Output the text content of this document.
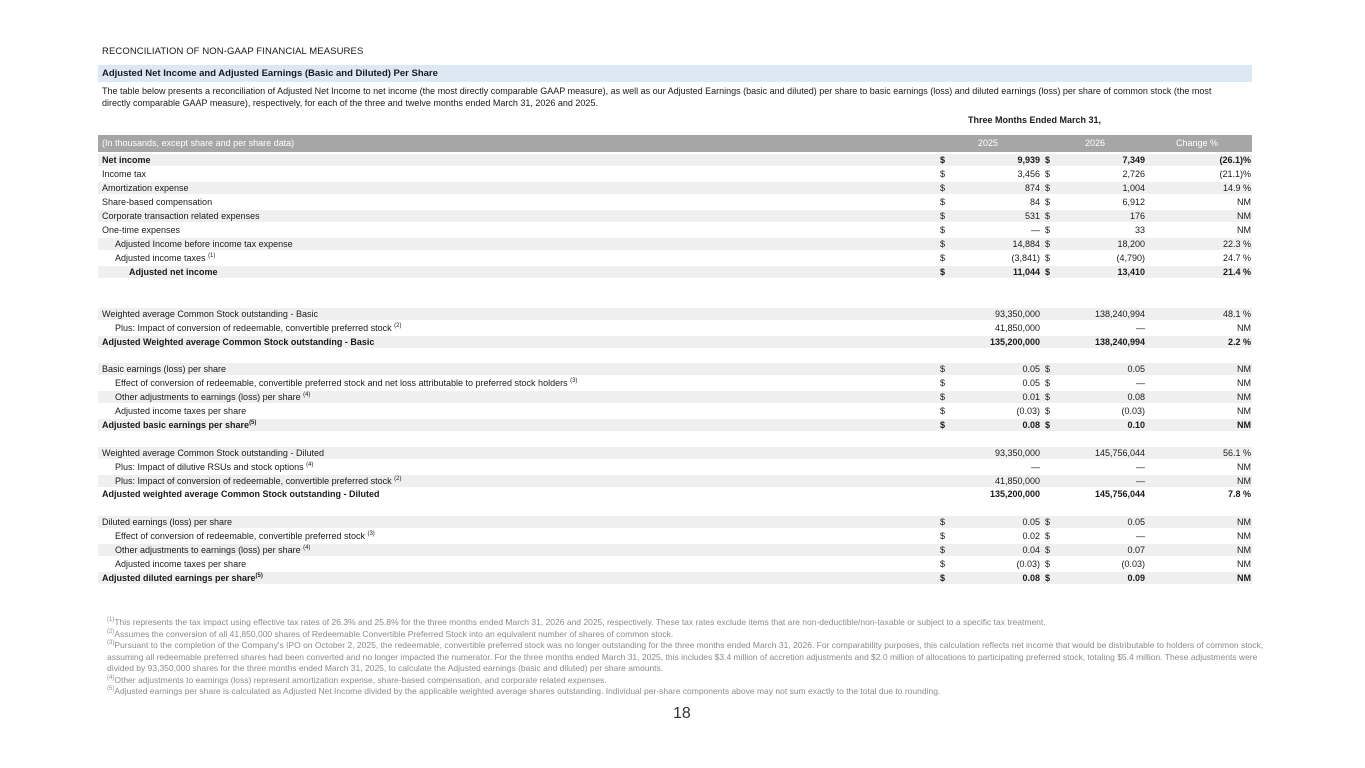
RECONCILIATION OF NON-GAAP FINANCIAL MEASURES
Adjusted Net Income and Adjusted Earnings (Basic and Diluted) Per Share
The table below presents a reconciliation of Adjusted Net Income to net income (the most directly comparable GAAP measure), as well as our Adjusted Earnings (basic and diluted) per share to basic earnings (loss) and diluted earnings (loss) per share of common stock (the most directly comparable GAAP measure), respectively, for each of the three and twelve months ended March 31, 2026 and 2025.
Three Months Ended March 31,
(In thousands, except share and per share data)	2025	2026	Change %
Net income	$	9,939 $	7,349	(26.1)%
Income tax	$	3,456 $	2,726	(21.1)%
Amortization expense	$	874 $	1,004	14.9 %
Share-based compensation	$	84 $	6,912	NM
Corporate transaction related expenses	$	531 $	176	NM
One-time expenses	$	— $	33	NM
Adjusted Income before income tax expense	$	14,884 $	18,200	22.3 %
Adjusted income taxes $^{(1)}$	$	(3,841) $	(4,790)	24.7 %
Adjusted net income	$	11,044 $	13,410	21.4 %
Weighted average Common Stock outstanding - Basic	93,350,000	138,240,994	48.1 %
Plus: Impact of conversion of redeemable, convertible preferred stock $^{(2)}$	41,850,000	—	NM
Adjusted Weighted average Common Stock outstanding - Basic	135,200,000	138,240,994	2.2 %
Basic earnings (loss) per share	$	0.05 $	0.05	NM
Effect of conversion of redeemable, convertible preferred stock and net loss attributable to preferred stock holders $^{(3)}$	$	0.05 $	—	NM
Other adjustments to earnings (loss) per share $^{(4)}$	$	0.01 $	0.08	NM
Adjusted income taxes per share	$	(0.03) $	(0.03)	NM
Adjusted basic earnings per share$^{(5)}$	$	0.08 $	0.10	NM
Weighted average Common Stock outstanding - Diluted	93,350,000	145,756,044	56.1 %
Plus: Impact of dilutive RSUs and stock options $^{(4)}$	—	—	NM
Plus: Impact of conversion of redeemable, convertible preferred stock $^{(2)}$	41,850,000	—	NM
Adjusted weighted average Common Stock outstanding - Diluted	135,200,000	145,756,044	7.8 %
Diluted earnings (loss) per share	$	0.05 $	0.05	NM
Effect of conversion of redeemable, convertible preferred stock $^{(3)}$	$	0.02 $	—	NM
Other adjustments to earnings (loss) per share $^{(4)}$	$	0.04 $	0.07	NM
Adjusted income taxes per share	$	(0.03) $	(0.03)	NM
Adjusted diluted earnings per share$^{(5)}$	$	0.08 $	0.09	NM

$^{(1)}$This represents the tax impact using effective tax rates of 26.3% and 25.8% for the three months ended March 31, 2026 and 2025, respectively. These tax rates exclude items that are non-deductible/non-taxable or subject to a specific tax treatment.

$^{(2)}$Assumes the conversion of all 41,850,000 shares of Redeemable Convertible Preferred Stock into an equivalent number of shares of common stock.

$^{(3)}$Pursuant to the completion of the Company's IPO on October 2, 2025, the redeemable, convertible preferred stock was no longer outstanding for the three months ended March 31, 2026. For comparability purposes, this calculation reflects net income that would be distributable to holders of common stock, assuming all redeemable preferred shares had been converted and no longer impacted the numerator. For the three months ended March 31, 2025, this includes $3.4 million of accretion adjustments and $2.0 million of allocations to participating preferred stock, totaling $5.4 million. These adjustments were divided by 93,350,000 shares for the three months ended March 31, 2025, to calculate the Adjusted earnings (basic and diluted) per share amounts.

$^{(4)}$Other adjustments to earnings (loss) represent amortization expense, share-based compensation, and corporate related expenses.

$^{(5)}$Adjusted earnings per share is calculated as Adjusted Net Income divided by the applicable weighted average shares outstanding. Individual per-share components above may not sum exactly to the total due to rounding.

18
